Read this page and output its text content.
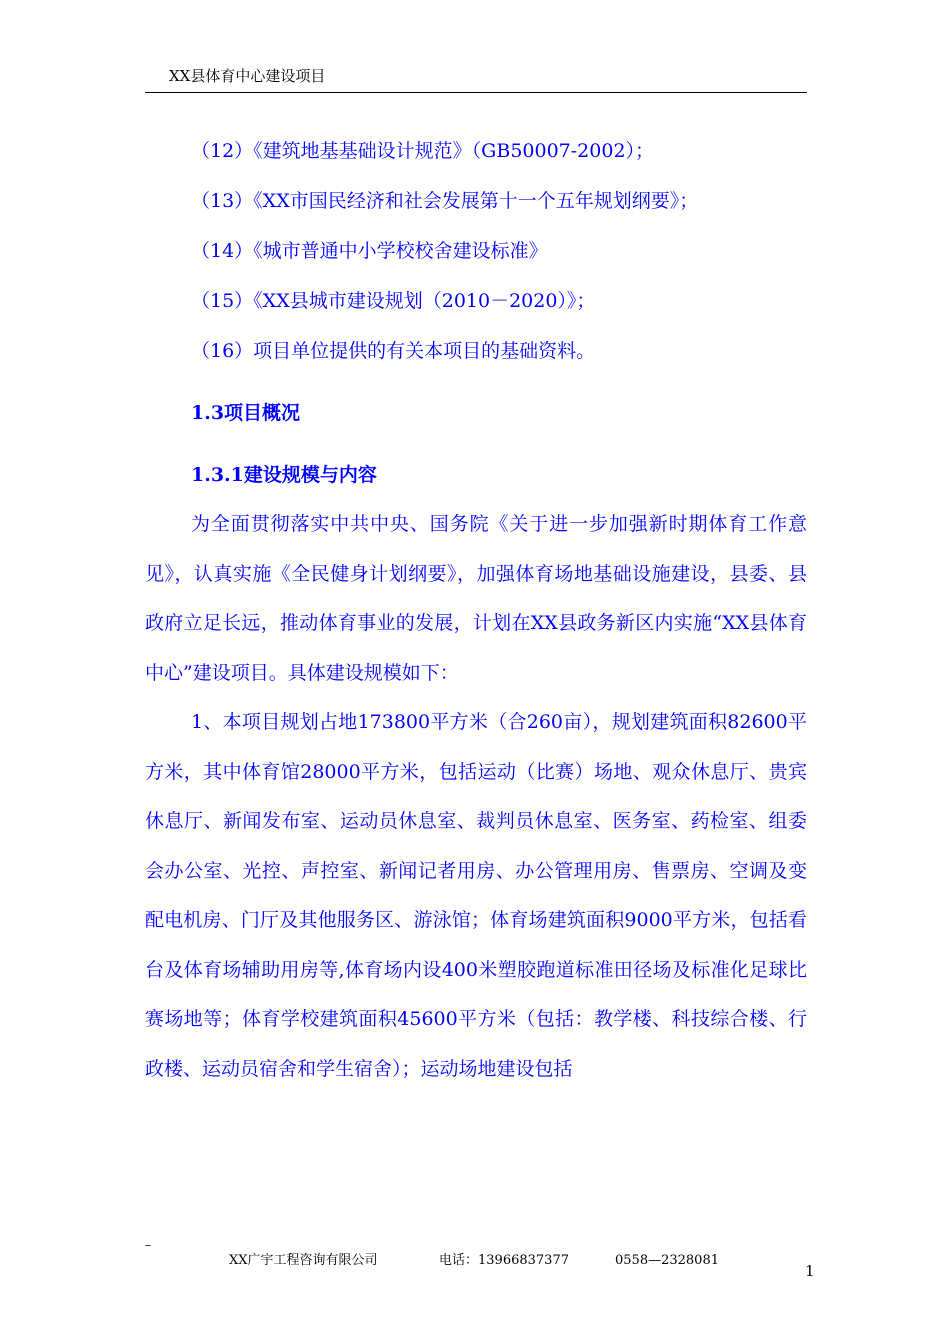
XX县体育中心建设项目
（12）《建筑地基基础设计规范》（GB50007-2002）；
（13）《XX市国民经济和社会发展第十一个五年规划纲要》；
（14）《城市普通中小学校校舍建设标准》
（15）《XX县城市建设规划（2010－2020）》；
（16）项目单位提供的有关本项目的基础资料。
1.3项目概况
1.3.1建设规模与内容

为全面贯彻落实中共中央、国务院《关于进一步加强新时期体育工作意见》，认真实施《全民健身计划纲要》，加强体育场地基础设施建设，县委、县政府立足长远，推动体育事业的发展，计划在XX县政务新区内实施“XX县体育中心”建设项目。具体建设规模如下：

1、本项目规划占地173800平方米（合260亩），规划建筑面积82600平方米，其中体育馆28000平方米，包括运动（比赛）场地、观众休息厅、贵宾休息厅、新闻发布室、运动员休息室、裁判员休息室、医务室、药检室、组委会办公室、光控、声控室、新闻记者用房、办公管理用房、售票房、空调及变配电机房、门厅及其他服务区、游泳馆；体育场建筑面积9000平方米，包括看台及体育场辅助用房等,体育场内设400米塑胶跑道标准田径场及标准化足球比赛场地等；体育学校建筑面积45600平方米（包括：教学楼、科技综合楼、行政楼、运动员宿舍和学生宿舍）；运动场地建设包括

–
XX广宇工程咨询有限公司	电话：13966837377	0558—2328081
1
